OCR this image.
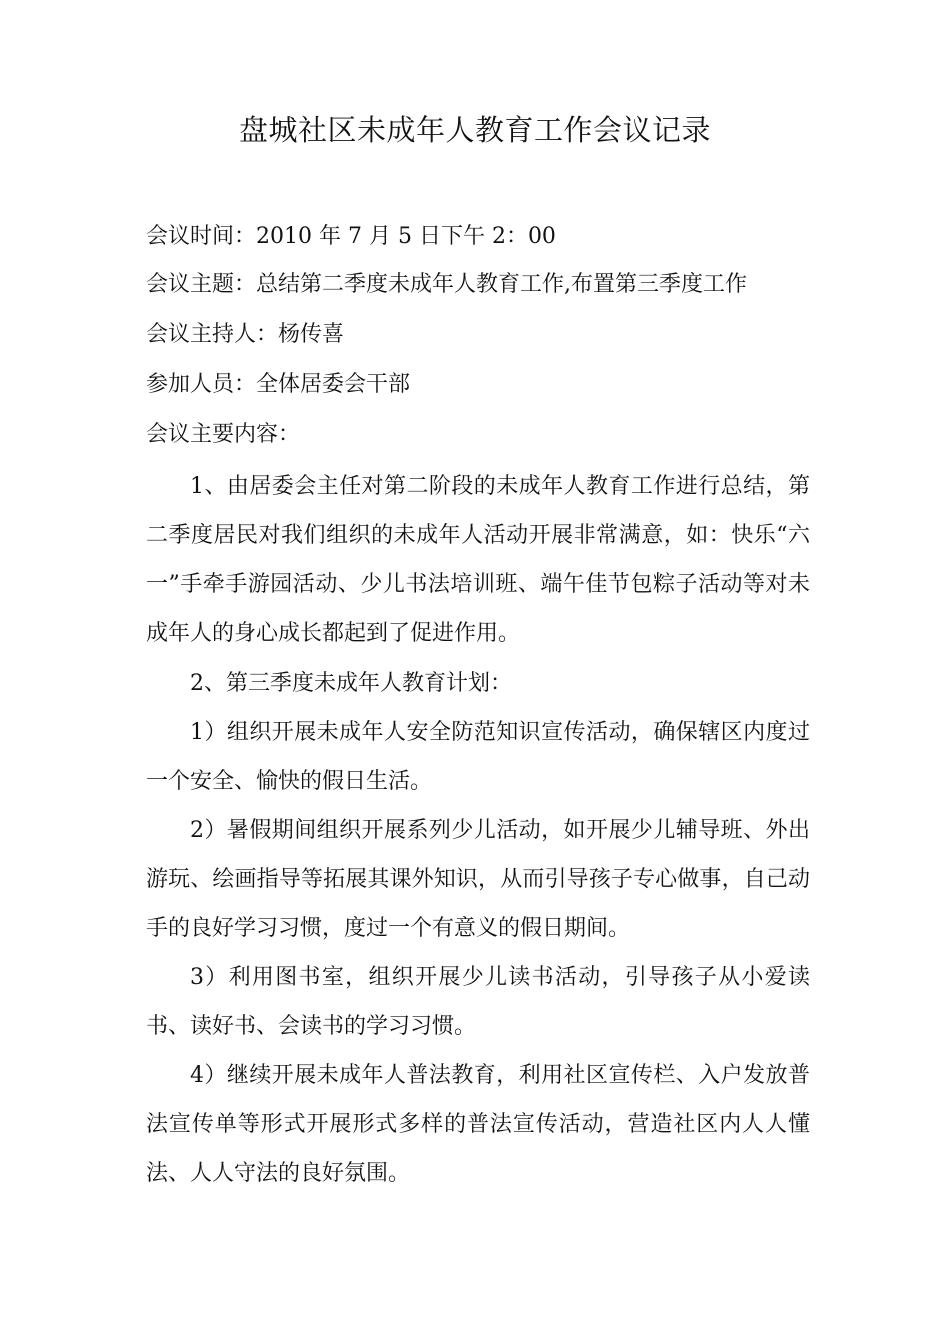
盘城社区未成年人教育工作会议记录
会议时间：2010 年 7 月 5 日下午 2：00
会议主题：总结第二季度未成年人教育工作,布置第三季度工作
会议主持人：杨传喜
参加人员：全体居委会干部
会议主要内容：

1、由居委会主任对第二阶段的未成年人教育工作进行总结，第二季度居民对我们组织的未成年人活动开展非常满意，如：快乐“六一”手牵手游园活动、少儿书法培训班、端午佳节包粽子活动等对未成年人的身心成长都起到了促进作用。

2、第三季度未成年人教育计划：

1）组织开展未成年人安全防范知识宣传活动，确保辖区内度过一个安全、愉快的假日生活。

2）暑假期间组织开展系列少儿活动，如开展少儿辅导班、外出游玩、绘画指导等拓展其课外知识，从而引导孩子专心做事，自己动手的良好学习习惯，度过一个有意义的假日期间。

3）利用图书室，组织开展少儿读书活动，引导孩子从小爱读书、读好书、会读书的学习习惯。

4）继续开展未成年人普法教育，利用社区宣传栏、入户发放普法宣传单等形式开展形式多样的普法宣传活动，营造社区内人人懂法、人人守法的良好氛围。
